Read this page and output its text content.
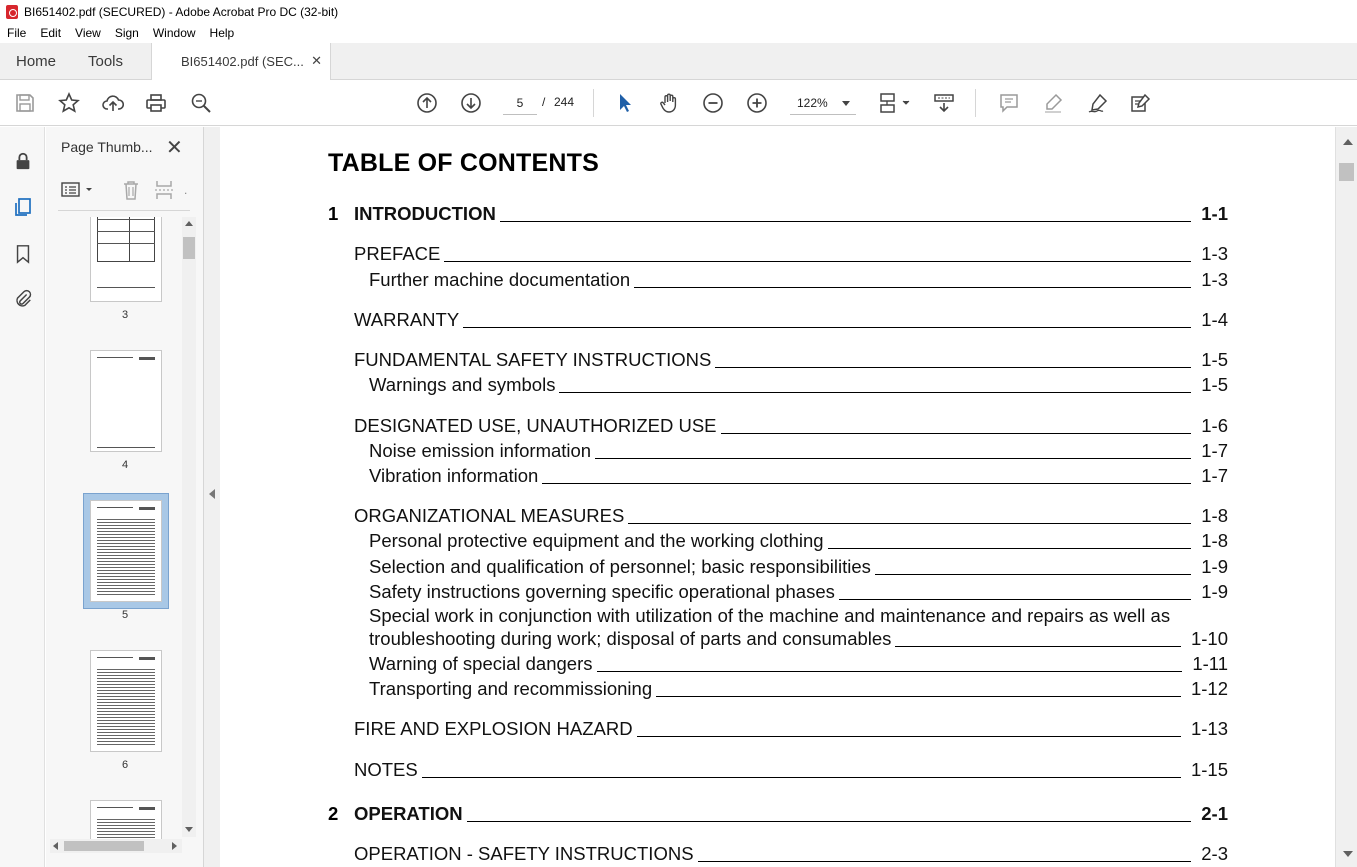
BI651402.pdf (SECURED) - Adobe Acrobat Pro DC (32-bit)
File Edit View Sign Window Help
Home Tools	BI651402.pdf (SEC... ✕
5	/ 244	122%
Page Thumb... ✕
.
3
4
5
6
TABLE OF CONTENTS
1 INTRODUCTION	1-1
PREFACE	1-3
Further machine documentation	1-3
WARRANTY	1-4
FUNDAMENTAL SAFETY INSTRUCTIONS	1-5
Warnings and symbols	1-5
DESIGNATED USE, UNAUTHORIZED USE	1-6
Noise emission information	1-7
Vibration information	1-7
ORGANIZATIONAL MEASURES	1-8
Personal protective equipment and the working clothing	1-8
Selection and qualification of personnel; basic responsibilities	1-9
Safety instructions governing specific operational phases	1-9
Special work in conjunction with utilization of the machine and maintenance and repairs as well as
troubleshooting during work; disposal of parts and consumables	1-10
Warning of special dangers	1-11
Transporting and recommissioning	1-12
FIRE AND EXPLOSION HAZARD	1-13
NOTES	1-15
2 OPERATION	2-1
OPERATION - SAFETY INSTRUCTIONS	2-3
